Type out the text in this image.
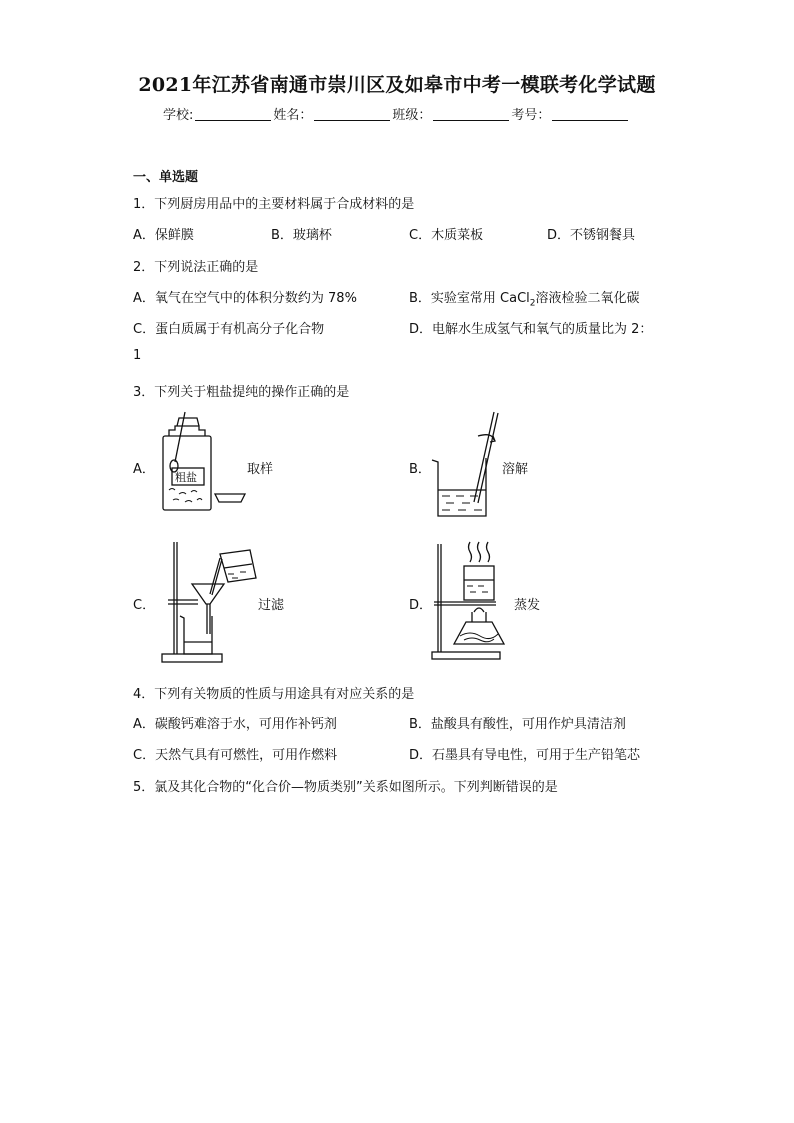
2021年江苏省南通市崇川区及如皋市中考一模联考化学试题
学校:	姓名：	班级：	考号：
一、单选题
1．下列厨房用品中的主要材料属于合成材料的是
A．保鲜膜	B．玻璃杯	C．木质菜板	D．不锈钢餐具
2．下列说法正确的是
A．氧气在空气中的体积分数约为 78%	B．实验室常用 CaCl$_2$溶液检验二氧化碳
C．蛋白质属于有机高分子化合物	D．电解水生成氢气和氧气的质量比为 2：
1
3．下列关于粗盐提纯的操作正确的是
A．
粗盐
取样	B．	溶解
C．	过滤	D．	蒸发
4．下列有关物质的性质与用途具有对应关系的是
A．碳酸钙难溶于水，可用作补钙剂	B．盐酸具有酸性，可用作炉具清洁剂
C．天然气具有可燃性，可用作燃料	D．石墨具有导电性，可用于生产铅笔芯
5．氯及其化合物的“化合价—物质类别”关系如图所示。下列判断错误的是
